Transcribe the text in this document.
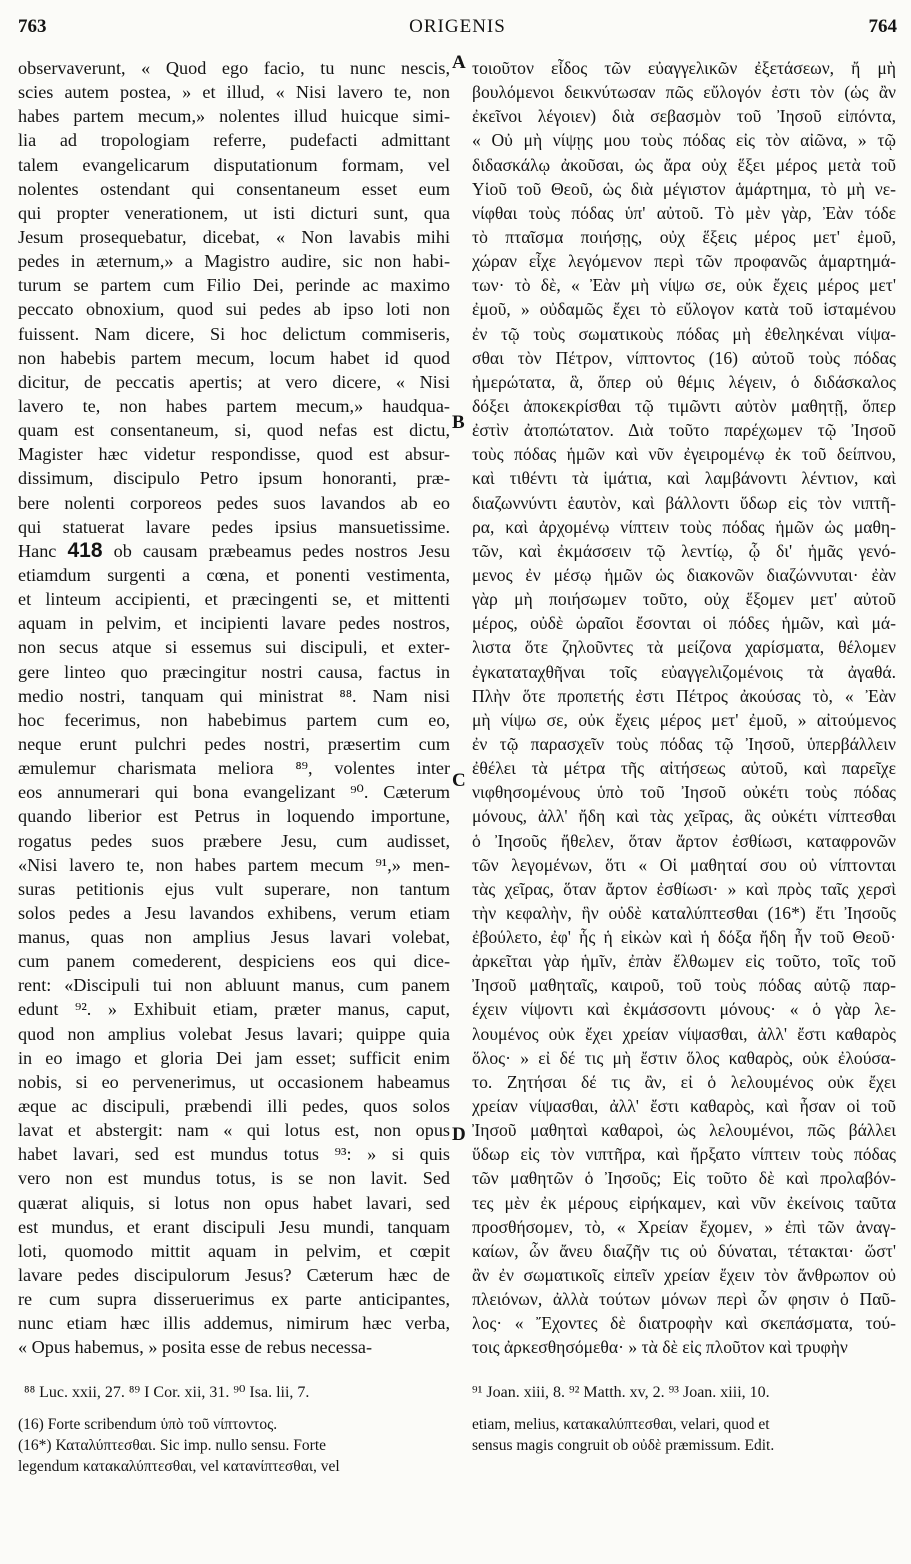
763	ORIGENIS	764
observaverunt, « Quod ego facio, tu nunc nescis,
scies autem postea, » et illud, « Nisi lavero te, non
habes partem mecum,» nolentes illud huicque simi-
lia ad tropologiam referre, pudefacti admittant
talem evangelicarum disputationum formam, vel
nolentes ostendant qui consentaneum esset eum
qui propter venerationem, ut isti dicturi sunt, qua
Jesum prosequebatur, dicebat, « Non lavabis mihi
pedes in æternum,» a Magistro audire, sic non habi-
turum se partem cum Filio Dei, perinde ac maximo
peccato obnoxium, quod sui pedes ab ipso loti non
fuissent. Nam dicere, Si hoc delictum commiseris,
non habebis partem mecum, locum habet id quod
dicitur, de peccatis apertis; at vero dicere, « Nisi
lavero te, non habes partem mecum,» haudqua-
quam est consentaneum, si, quod nefas est dictu,
Magister hæc videtur respondisse, quod est absur-
dissimum, discipulo Petro ipsum honoranti, præ-
bere nolenti corporeos pedes suos lavandos ab eo
qui statuerat lavare pedes ipsius mansuetissime.
Hanc 418 ob causam præbeamus pedes nostros Jesu
etiamdum surgenti a cœna, et ponenti vestimenta,
et linteum accipienti, et præcingenti se, et mittenti
aquam in pelvim, et incipienti lavare pedes nostros,
non secus atque si essemus sui discipuli, et exter-
gere linteo quo præcingitur nostri causa, factus in
medio nostri, tanquam qui ministrat ⁸⁸. Nam nisi
hoc fecerimus, non habebimus partem cum eo,
neque erunt pulchri pedes nostri, præsertim cum
æmulemur charismata meliora ⁸⁹, volentes inter
eos annumerari qui bona evangelizant ⁹⁰. Cæterum
quando liberior est Petrus in loquendo importune,
rogatus pedes suos præbere Jesu, cum audisset,
«Nisi lavero te, non habes partem mecum ⁹¹,» men-
suras petitionis ejus vult superare, non tantum
solos pedes a Jesu lavandos exhibens, verum etiam
manus, quas non amplius Jesus lavari volebat,
cum panem comederent, despiciens eos qui dice-
rent: «Discipuli tui non abluunt manus, cum panem
edunt ⁹². » Exhibuit etiam, præter manus, caput,
quod non amplius volebat Jesus lavari; quippe quia
in eo imago et gloria Dei jam esset; sufficit enim
nobis, si eo pervenerimus, ut occasionem habeamus
æque ac discipuli, præbendi illi pedes, quos solos
lavat et abstergit: nam « qui lotus est, non opus
habet lavari, sed est mundus totus ⁹³: » si quis
vero non est mundus totus, is se non lavit. Sed
quærat aliquis, si lotus non opus habet lavari, sed
est mundus, et erant discipuli Jesu mundi, tanquam
loti, quomodo mittit aquam in pelvim, et cœpit
lavare pedes discipulorum Jesus? Cæterum hæc de
re cum supra disseruerimus ex parte anticipantes,
nunc etiam hæc illis addemus, nimirum hæc verba,
« Opus habemus, » posita esse de rebus necessa-
τοιοῦτον εἶδος τῶν εὐαγγελικῶν ἐξετάσεων, ἤ μὴ
βουλόμενοι δεικνύτωσαν πῶς εὔλογόν ἐστι τὸν (ὡς ἂν
ἐκεῖνοι λέγοιεν) διὰ σεβασμὸν τοῦ Ἰησοῦ εἰπόντα,
« Οὐ μὴ νίψῃς μου τοὺς πόδας εἰς τὸν αἰῶνα, » τῷ
διδασκάλῳ ἀκοῦσαι, ὡς ἄρα οὐχ ἕξει μέρος μετὰ τοῦ
Υἱοῦ τοῦ Θεοῦ, ὡς διὰ μέγιστον ἁμάρτημα, τὸ μὴ νε-
νίφθαι τοὺς πόδας ὑπ' αὐτοῦ. Τὸ μὲν γὰρ, Ἐὰν τόδε
τὸ πταῖσμα ποιήσῃς, οὐχ ἕξεις μέρος μετ' ἐμοῦ,
χώραν εἶχε λεγόμενον περὶ τῶν προφανῶς ἁμαρτημά-
των· τὸ δὲ, « Ἐὰν μὴ νίψω σε, οὐκ ἔχεις μέρος μετ'
ἐμοῦ, » οὐδαμῶς ἔχει τὸ εὔλογον κατὰ τοῦ ἱσταμένου
ἐν τῷ τοὺς σωματικοὺς πόδας μὴ ἐθεληκέναι νίψα-
σθαι τὸν Πέτρον, νίπτοντος (16) αὐτοῦ τοὺς πόδας
ἠμερώτατα, ἃ, ὅπερ οὐ θέμις λέγειν, ὁ διδάσκαλος
δόξει ἀποκεκρίσθαι τῷ τιμῶντι αὐτὸν μαθητῇ, ὅπερ
ἐστὶν ἀτοπώτατον. Διὰ τοῦτο παρέχωμεν τῷ Ἰησοῦ
τοὺς πόδας ἡμῶν καὶ νῦν ἐγειρομένῳ ἐκ τοῦ δείπνου,
καὶ τιθέντι τὰ ἱμάτια, καὶ λαμβάνοντι λέντιον, καὶ
διαζωννύντι ἑαυτὸν, καὶ βάλλοντι ὕδωρ εἰς τὸν νιπτῆ-
ρα, καὶ ἀρχομένῳ νίπτειν τοὺς πόδας ἡμῶν ὡς μαθη-
τῶν, καὶ ἐκμάσσειν τῷ λεντίῳ, ᾧ δι' ἡμᾶς γενό-
μενος ἐν μέσῳ ἡμῶν ὡς διακονῶν διαζώννυται· ἐὰν
γὰρ μὴ ποιήσωμεν τοῦτο, οὐχ ἕξομεν μετ' αὐτοῦ
μέρος, οὐδὲ ὡραῖοι ἔσονται οἱ πόδες ἡμῶν, καὶ μά-
λιστα ὅτε ζηλοῦντες τὰ μείζονα χαρίσματα, θέλομεν
ἐγκαταταχθῆναι τοῖς εὐαγγελιζομένοις τὰ ἀγαθά.
Πλὴν ὅτε προπετής ἐστι Πέτρος ἀκούσας τὸ, « Ἐὰν
μὴ νίψω σε, οὐκ ἔχεις μέρος μετ' ἐμοῦ, » αἰτούμενος
ἐν τῷ παρασχεῖν τοὺς πόδας τῷ Ἰησοῦ, ὑπερβάλλειν
ἐθέλει τὰ μέτρα τῆς αἰτήσεως αὐτοῦ, καὶ παρεῖχε
νιφθησομένους ὑπὸ τοῦ Ἰησοῦ οὐκέτι τοὺς πόδας
μόνους, ἀλλ' ἤδη καὶ τὰς χεῖρας, ἃς οὐκέτι νίπτεσθαι
ὁ Ἰησοῦς ἤθελεν, ὅταν ἄρτον ἐσθίωσι, καταφρονῶν
τῶν λεγομένων, ὅτι « Οἱ μαθηταί σου οὐ νίπτονται
τὰς χεῖρας, ὅταν ἄρτον ἐσθίωσι· » καὶ πρὸς ταῖς χερσὶ
τὴν κεφαλὴν, ἣν οὐδὲ καταλύπτεσθαι (16*) ἔτι Ἰησοῦς
ἐβούλετο, ἐφ' ἧς ἡ εἰκὼν καὶ ἡ δόξα ἤδη ἦν τοῦ Θεοῦ·
ἀρκεῖται γὰρ ἡμῖν, ἐπὰν ἔλθωμεν εἰς τοῦτο, τοῖς τοῦ
Ἰησοῦ μαθηταῖς, καιροῦ, τοῦ τοὺς πόδας αὐτῷ παρ-
έχειν νίψοντι καὶ ἐκμάσσοντι μόνους· « ὁ γὰρ λε-
λουμένος οὐκ ἔχει χρείαν νίψασθαι, ἀλλ' ἔστι καθαρὸς
ὅλος· » εἰ δέ τις μὴ ἔστιν ὅλος καθαρὸς, οὐκ ἐλούσα-
το. Ζητήσαι δέ τις ἂν, εἰ ὁ λελουμένος οὐκ ἔχει
χρείαν νίψασθαι, ἀλλ' ἔστι καθαρὸς, καὶ ἦσαν οἱ τοῦ
Ἰησοῦ μαθηταὶ καθαροὶ, ὡς λελουμένοι, πῶς βάλλει
ὕδωρ εἰς τὸν νιπτῆρα, καὶ ἤρξατο νίπτειν τοὺς πόδας
τῶν μαθητῶν ὁ Ἰησοῦς; Εἰς τοῦτο δὲ καὶ προλαβόν-
τες μὲν ἐκ μέρους εἰρήκαμεν, καὶ νῦν ἐκείνοις ταῦτα
προσθήσομεν, τὸ, « Χρείαν ἔχομεν, » ἐπὶ τῶν ἀναγ-
καίων, ὧν ἄνευ διαζῆν τις οὐ δύναται, τέτακται· ὥστ'
ἂν ἐν σωματικοῖς εἰπεῖν χρείαν ἔχειν τὸν ἄνθρωπον οὐ
πλειόνων, ἀλλὰ τούτων μόνων περὶ ὧν φησιν ὁ Παῦ-
λος· « Ἔχοντες δὲ διατροφὴν καὶ σκεπάσματα, τού-
τοις ἀρκεσθησόμεθα· » τὰ δὲ εἰς πλοῦτον καὶ τρυφὴν
A
B
C
D
⁸⁸ Luc. xxii, 27. ⁸⁹ I Cor. xii, 31. ⁹⁰ Isa. lii, 7.	⁹¹ Joan. xiii, 8. ⁹² Matth. xv, 2. ⁹³ Joan. xiii, 10.
(16) Forte scribendum ὑπὸ τοῦ νίπτοντος.
(16*) Καταλύπτεσθαι. Sic imp. nullo sensu. Forte
legendum κατακαλύπτεσθαι, vel κατανίπτεσθαι, vel
etiam, melius, κατακαλύπτεσθαι, velari, quod et
sensus magis congruit ob οὐδὲ præmissum. Edit.
